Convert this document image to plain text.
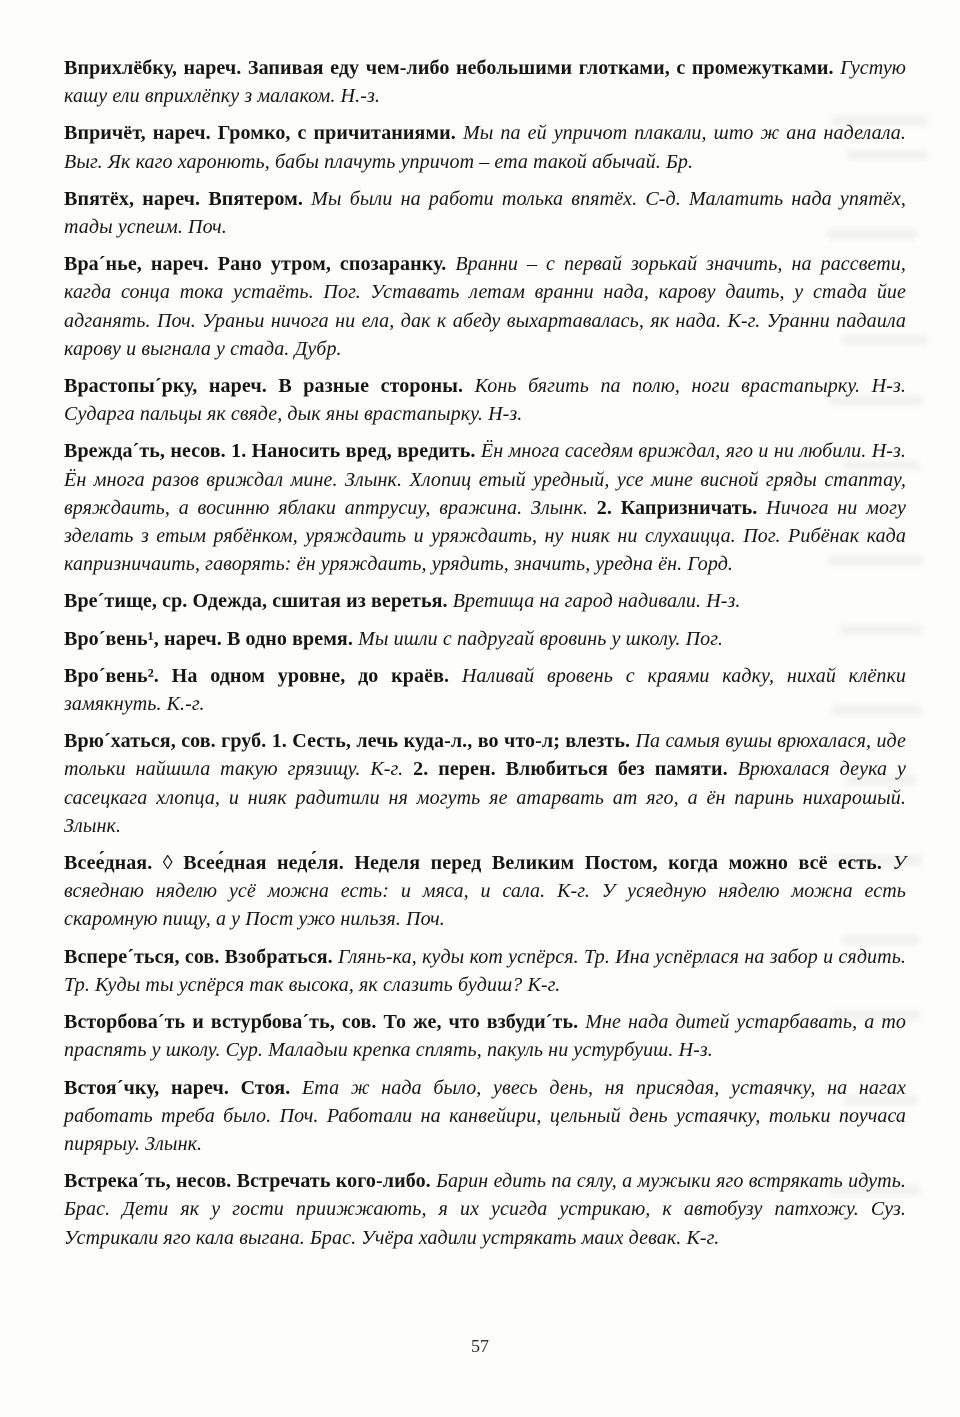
Вприхлёбку, нареч. Запивая еду чем-либо небольшими глотками, с промежутками. Густую кашу ели вприхлёпку з малаком. Н.-з.

Впричёт, нареч. Громко, с причитаниями. Мы па ей упричот плакали, што ж ана наделала. Выг. Як каго харонють, бабы плачуть упричот – ета такой абычай. Бр.

Впятёх, нареч. Впятером. Мы были на работи толька впятёх. С-д. Малатить нада упятёх, тады успеим. Поч.

Вра´нье, нареч. Рано утром, спозаранку. Вранни – с первай зорькай значить, на рассвети, кагда сонца тока устаёть. Пог. Уставать летам вранни нада, карову даить, у стада йие адганять. Поч. Ураньи ничога ни ела, дак к абеду выхартавалась, як нада. К-г. Уранни падаила карову и выгнала у стада. Дубр.

Врастопы´рку, нареч. В разные стороны. Конь бягить па полю, ноги врастапырку. Н-з. Сударга пальцы як свяде, дык яны врастапырку. Н-з.

Врежда´ть, несов. 1. Наносить вред, вредить. Ён многа саседям вриждал, яго и ни любили. Н-з. Ён многа разов вриждал мине. Злынк. Хлопиц етый уредный, усе мине висной гряды стаптау, вряждаить, а восинню яблаки аптрусиу, вражина. Злынк. 2. Капризничать. Ничога ни могу зделать з етым рябёнком, уряждаить и уряждаить, ну нияк ни слухаицца. Пог. Рибёнак када капризничаить, гаворять: ён уряждаить, урядить, значить, уредна ён. Горд.

Вре´тище, ср. Одежда, сшитая из веретья. Вретища на гарод надивали. Н-з.

Вро´вень¹, нареч. В одно время. Мы ишли с падругай вровинь у школу. Пог.

Вро´вень². На одном уровне, до краёв. Наливай вровень с краями кадку, нихай клёпки замякнуть. К.-г.

Врю´хаться, сов. груб. 1. Сесть, лечь куда-л., во что-л; влезть. Па самыя вушы врюхалася, иде тольки найшила такую грязищу. К-г. 2. перен. Влюбиться без памяти. Врюхалася деука у сасецкага хлопца, и нияк радитили ня могуть яе атарвать ат яго, а ён паринь нихарошый. Злынк.

Всее́дная. ◊ Всее́дная неде́ля. Неделя перед Великим Постом, когда можно всё есть. У всяеднаю няделю усё можна есть: и мяса, и сала. К-г. У усяедную няделю можна есть скаромную пищу, а у Пост ужо нильзя. Поч.

Вспере´ться, сов. Взобраться. Глянь-ка, куды кот успёрся. Тр. Ина успёрлася на забор и сядить. Тр. Куды ты успёрся так высока, як слазить будиш? К-г.

Всторбова´ть и встурбова´ть, сов. То же, что взбуди´ть. Мне нада дитей устарбавать, а то праспять у школу. Сур. Маладыи крепка сплять, пакуль ни устурбуиш. Н-з.

Встоя´чку, нареч. Стоя. Ета ж нада было, увесь день, ня присядая, устаячку, на нагах работать треба было. Поч. Работали на канвейири, цельный день устаячку, тольки поучаса пирярыу. Злынк.

Встрека´ть, несов. Встречать кого-либо. Барин едить па сялу, а мужыки яго встрякать идуть. Брас. Дети як у гости приижжають, я их усигда устрикаю, к автобузу патхожу. Суз. Устрикали яго кала выгана. Брас. Учёра хадили устрякать маих девак. К-г.

57
